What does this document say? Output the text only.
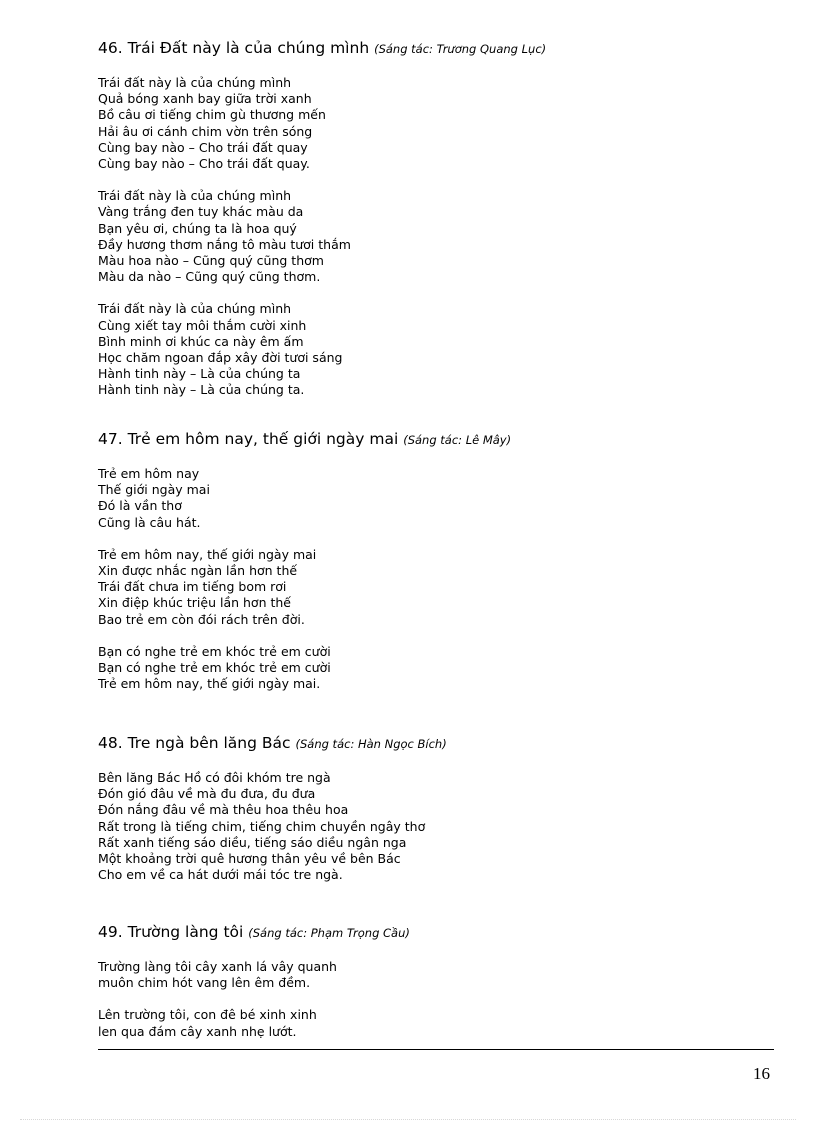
46. Trái Đất này là của chúng mình (Sáng tác: Trương Quang Lục)
Trái đất này là của chúng mình
Quả bóng xanh bay giữa trời xanh
Bồ câu ơi tiếng chim gù thương mến
Hải âu ơi cánh chim vờn trên sóng
Cùng bay nào – Cho trái đất quay
Cùng bay nào – Cho trái đất quay.
Trái đất này là của chúng mình
Vàng trắng đen tuy khác màu da
Bạn yêu ơi, chúng ta là hoa quý
Đầy hương thơm nắng tô màu tươi thắm
Màu hoa nào – Cũng quý cũng thơm
Màu da nào – Cũng quý cũng thơm.
Trái đất này là của chúng mình
Cùng xiết tay môi thắm cười xinh
Bình minh ơi khúc ca này êm ấm
Học chăm ngoan đắp xây đời tươi sáng
Hành tinh này – Là của chúng ta
Hành tinh này – Là của chúng ta.
47. Trẻ em hôm nay, thế giới ngày mai (Sáng tác: Lê Mây)
Trẻ em hôm nay
Thế giới ngày mai
Đó là vần thơ
Cũng là câu hát.
Trẻ em hôm nay, thế giới ngày mai
Xin được nhắc ngàn lần hơn thế
Trái đất chưa im tiếng bom rơi
Xin điệp khúc triệu lần hơn thế
Bao trẻ em còn đói rách trên đời.
Bạn có nghe trẻ em khóc trẻ em cười
Bạn có nghe trẻ em khóc trẻ em cười
Trẻ em hôm nay, thế giới ngày mai.
48. Tre ngà bên lăng Bác (Sáng tác: Hàn Ngọc Bích)
Bên lăng Bác Hồ có đôi khóm tre ngà
Đón gió đâu về mà đu đưa, đu đưa
Đón nắng đâu về mà thêu hoa thêu hoa
Rất trong là tiếng chim, tiếng chim chuyền ngây thơ
Rất xanh tiếng sáo diều, tiếng sáo diều ngân nga
Một khoảng trời quê hương thân yêu về bên Bác
Cho em về ca hát dưới mái tóc tre ngà.
49. Trường làng tôi (Sáng tác: Phạm Trọng Cầu)
Trường làng tôi cây xanh lá vây quanh
muôn chim hót vang lên êm đềm.
Lên trường tôi, con đê bé xinh xinh
len qua đám cây xanh nhẹ lướt.
16
